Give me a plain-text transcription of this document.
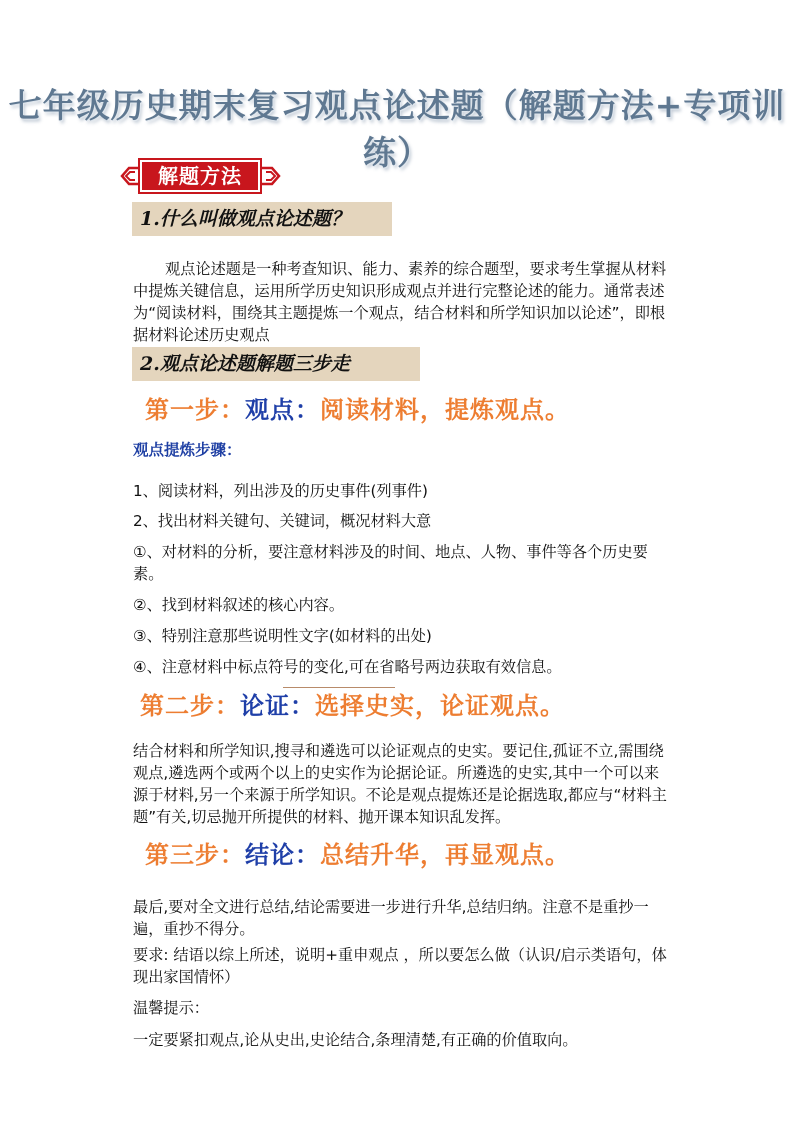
七年级历史期末复习观点论述题（解题方法+专项训练）
解题方法
1.什么叫做观点论述题？
观点论述题是一种考查知识、能力、素养的综合题型，要求考生掌握从材料中提炼关键信息，运用所学历史知识形成观点并进行完整论述的能力。通常表述为“阅读材料，围绕其主题提炼一个观点，结合材料和所学知识加以论述”，即根据材料论述历史观点
2.观点论述题解题三步走
第一步：观点：阅读材料，提炼观点。
观点提炼步骤：
1、阅读材料，列出涉及的历史事件(列事件)
2、找出材料关键句、关键词，概况材料大意
①、对材料的分析，要注意材料涉及的时间、地点、人物、事件等各个历史要素。
②、找到材料叙述的核心内容。
③、特别注意那些说明性文字(如材料的出处)
④、注意材料中标点符号的变化,可在省略号两边获取有效信息。
第二步：论证：选择史实，论证观点。
结合材料和所学知识,搜寻和遴选可以论证观点的史实。要记住,孤证不立,需围绕观点,遴选两个或两个以上的史实作为论据论证。所遴选的史实,其中一个可以来源于材料,另一个来源于所学知识。不论是观点提炼还是论据选取,都应与“材料主题”有关,切忌抛开所提供的材料、抛开课本知识乱发挥。
第三步：结论：总结升华，再显观点。
最后,要对全文进行总结,结论需要进一步进行升华,总结归纳。注意不是重抄一遍，重抄不得分。
要求: 结语以综上所述，说明+重申观点 ，所以要怎么做（认识/启示类语句，体现出家国情怀）
温馨提示：
一定要紧扣观点,论从史出,史论结合,条理清楚,有正确的价值取向。
